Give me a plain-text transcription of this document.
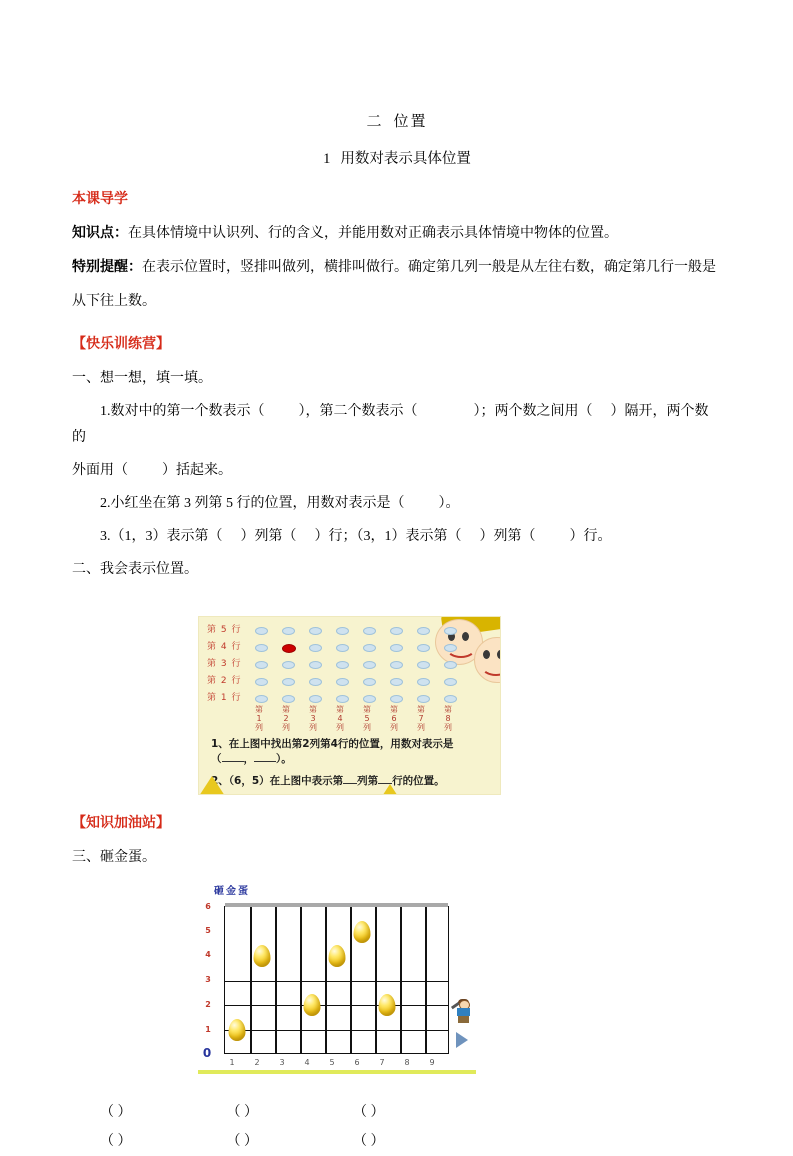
二 位置
1 用数对表示具体位置
本课导学
知识点：在具体情境中认识列、行的含义，并能用数对正确表示具体情境中物体的位置。
特别提醒：在表示位置时，竖排叫做列，横排叫做行。确定第几列一般是从左往右数，确定第几行一般是
从下往上数。
【快乐训练营】
一、想一想，填一填。
1.数对中的第一个数表示（ ），第二个数表示（	）；两个数之间用（ ）隔开，两个数的
外面用（ ）括起来。
2.小红坐在第 3 列第 5 行的位置，用数对表示是（ ）。
3.（1，3）表示第（ ）列第（ ）行；（3，1）表示第（ ）列第（ ）行。
二、我会表示位置。
第 5 行
第 4 行
第 3 行
第 2 行
第 1 行
第
1
列
第
2
列
第
3
列
第
4
列
第
5
列
第
6
列
第
7
列
第
8
列
1、在上图中找出第2列第4行的位置，用数对表示是
（ ， ）。
2、（6，5）在上图中表示第 列第 行的位置。
【知识加油站】
三、砸金蛋。
砸金蛋
6
5
4
3
2
1
0
1	2	3	4	5	6	7	8	9
（ ）	（ ）	（ ）
（ ）	（ ）	（ ）
